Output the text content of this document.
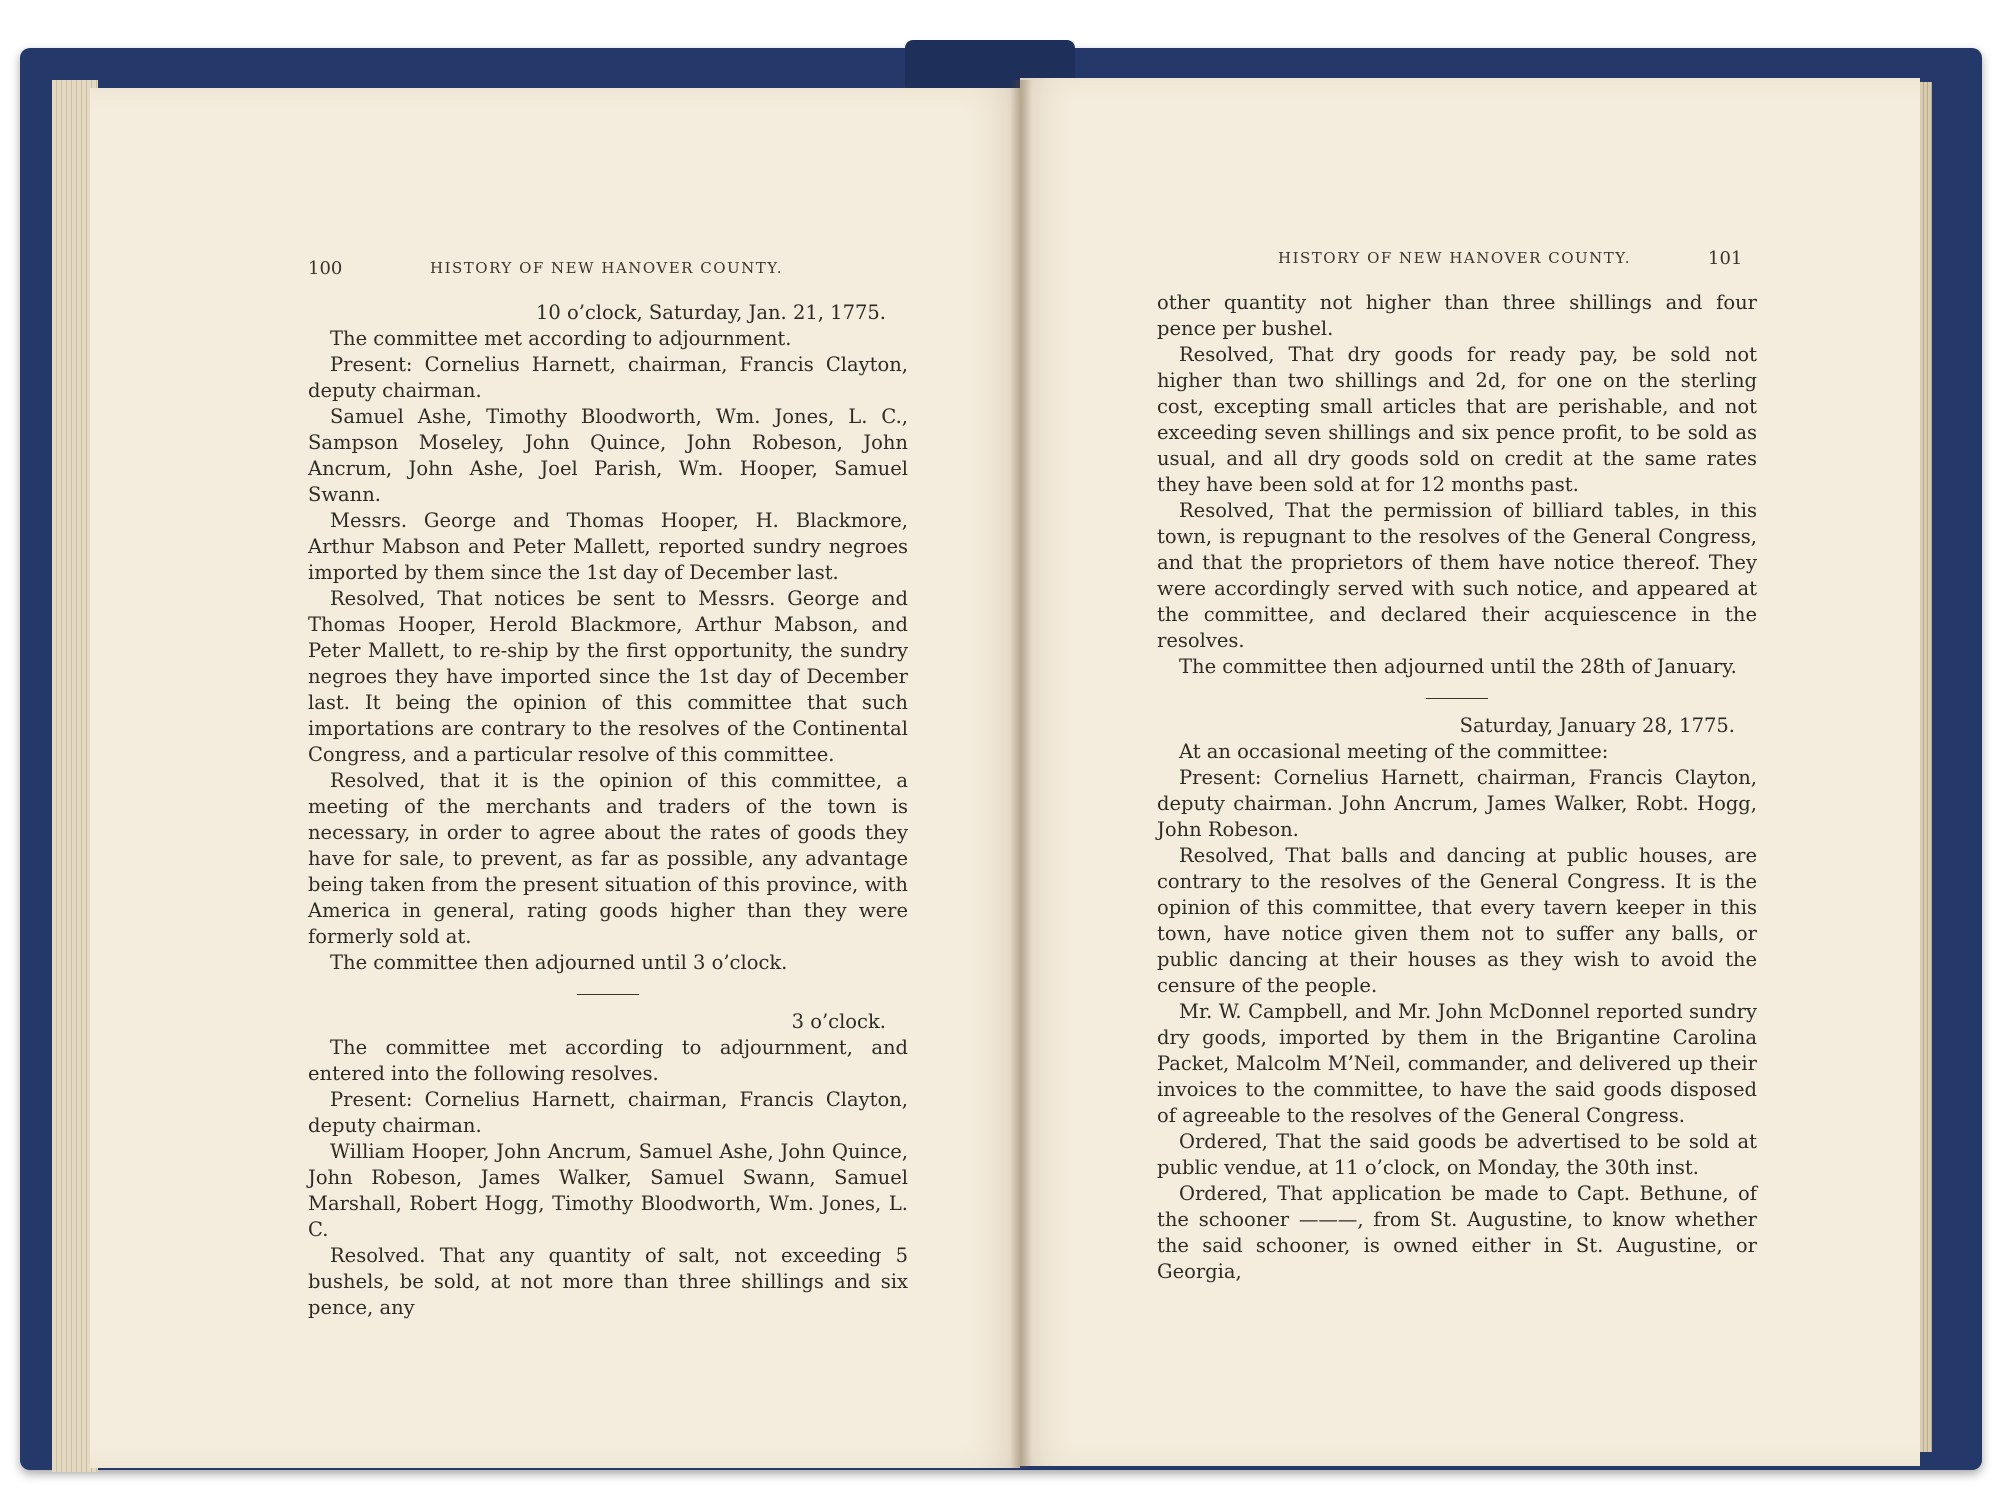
100	HISTORY OF NEW HANOVER COUNTY.

10 o’clock, Saturday, Jan. 21, 1775.

The committee met according to adjournment.

Present: Cornelius Harnett, chairman, Francis Clayton, deputy chairman.

Samuel Ashe, Timothy Bloodworth, Wm. Jones, L. C., Sampson Moseley, John Quince, John Robeson, John Ancrum, John Ashe, Joel Parish, Wm. Hooper, Samuel Swann.

Messrs. George and Thomas Hooper, H. Blackmore, Arthur Mabson and Peter Mallett, reported sundry negroes imported by them since the 1st day of December last.

Resolved, That notices be sent to Messrs. George and Thomas Hooper, Herold Blackmore, Arthur Mabson, and Peter Mallett, to re-ship by the first opportunity, the sundry negroes they have imported since the 1st day of December last. It being the opinion of this committee that such importations are contrary to the resolves of the Continental Congress, and a particular resolve of this committee.

Resolved, that it is the opinion of this committee, a meeting of the merchants and traders of the town is necessary, in order to agree about the rates of goods they have for sale, to prevent, as far as possible, any advantage being taken from the present situation of this province, with America in general, rating goods higher than they were formerly sold at.

The committee then adjourned until 3 o’clock.

3 o’clock.

The committee met according to adjournment, and entered into the following resolves.

Present: Cornelius Harnett, chairman, Francis Clayton, deputy chairman.

William Hooper, John Ancrum, Samuel Ashe, John Quince, John Robeson, James Walker, Samuel Swann, Samuel Marshall, Robert Hogg, Timothy Bloodworth, Wm. Jones, L. C.

Resolved. That any quantity of salt, not exceeding 5 bushels, be sold, at not more than three shillings and six pence, any

HISTORY OF NEW HANOVER COUNTY.	101

other quantity not higher than three shillings and four pence per bushel.

Resolved, That dry goods for ready pay, be sold not higher than two shillings and 2d, for one on the sterling cost, excepting small articles that are perishable, and not exceeding seven shillings and six pence profit, to be sold as usual, and all dry goods sold on credit at the same rates they have been sold at for 12 months past.

Resolved, That the permission of billiard tables, in this town, is repugnant to the resolves of the General Congress, and that the proprietors of them have notice thereof. They were accordingly served with such notice, and appeared at the committee, and declared their acquiescence in the resolves.

The committee then adjourned until the 28th of January.

Saturday, January 28, 1775.

At an occasional meeting of the committee:

Present: Cornelius Harnett, chairman, Francis Clayton, deputy chairman. John Ancrum, James Walker, Robt. Hogg, John Robeson.

Resolved, That balls and dancing at public houses, are contrary to the resolves of the General Congress. It is the opinion of this committee, that every tavern keeper in this town, have notice given them not to suffer any balls, or public dancing at their houses as they wish to avoid the censure of the people.

Mr. W. Campbell, and Mr. John McDonnel reported sundry dry goods, imported by them in the Brigantine Carolina Packet, Malcolm M’Neil, commander, and delivered up their invoices to the committee, to have the said goods disposed of agreeable to the resolves of the General Congress.

Ordered, That the said goods be advertised to be sold at public vendue, at 11 o’clock, on Monday, the 30th inst.

Ordered, That application be made to Capt. Bethune, of the schooner ———, from St. Augustine, to know whether the said schooner, is owned either in St. Augustine, or Georgia,
